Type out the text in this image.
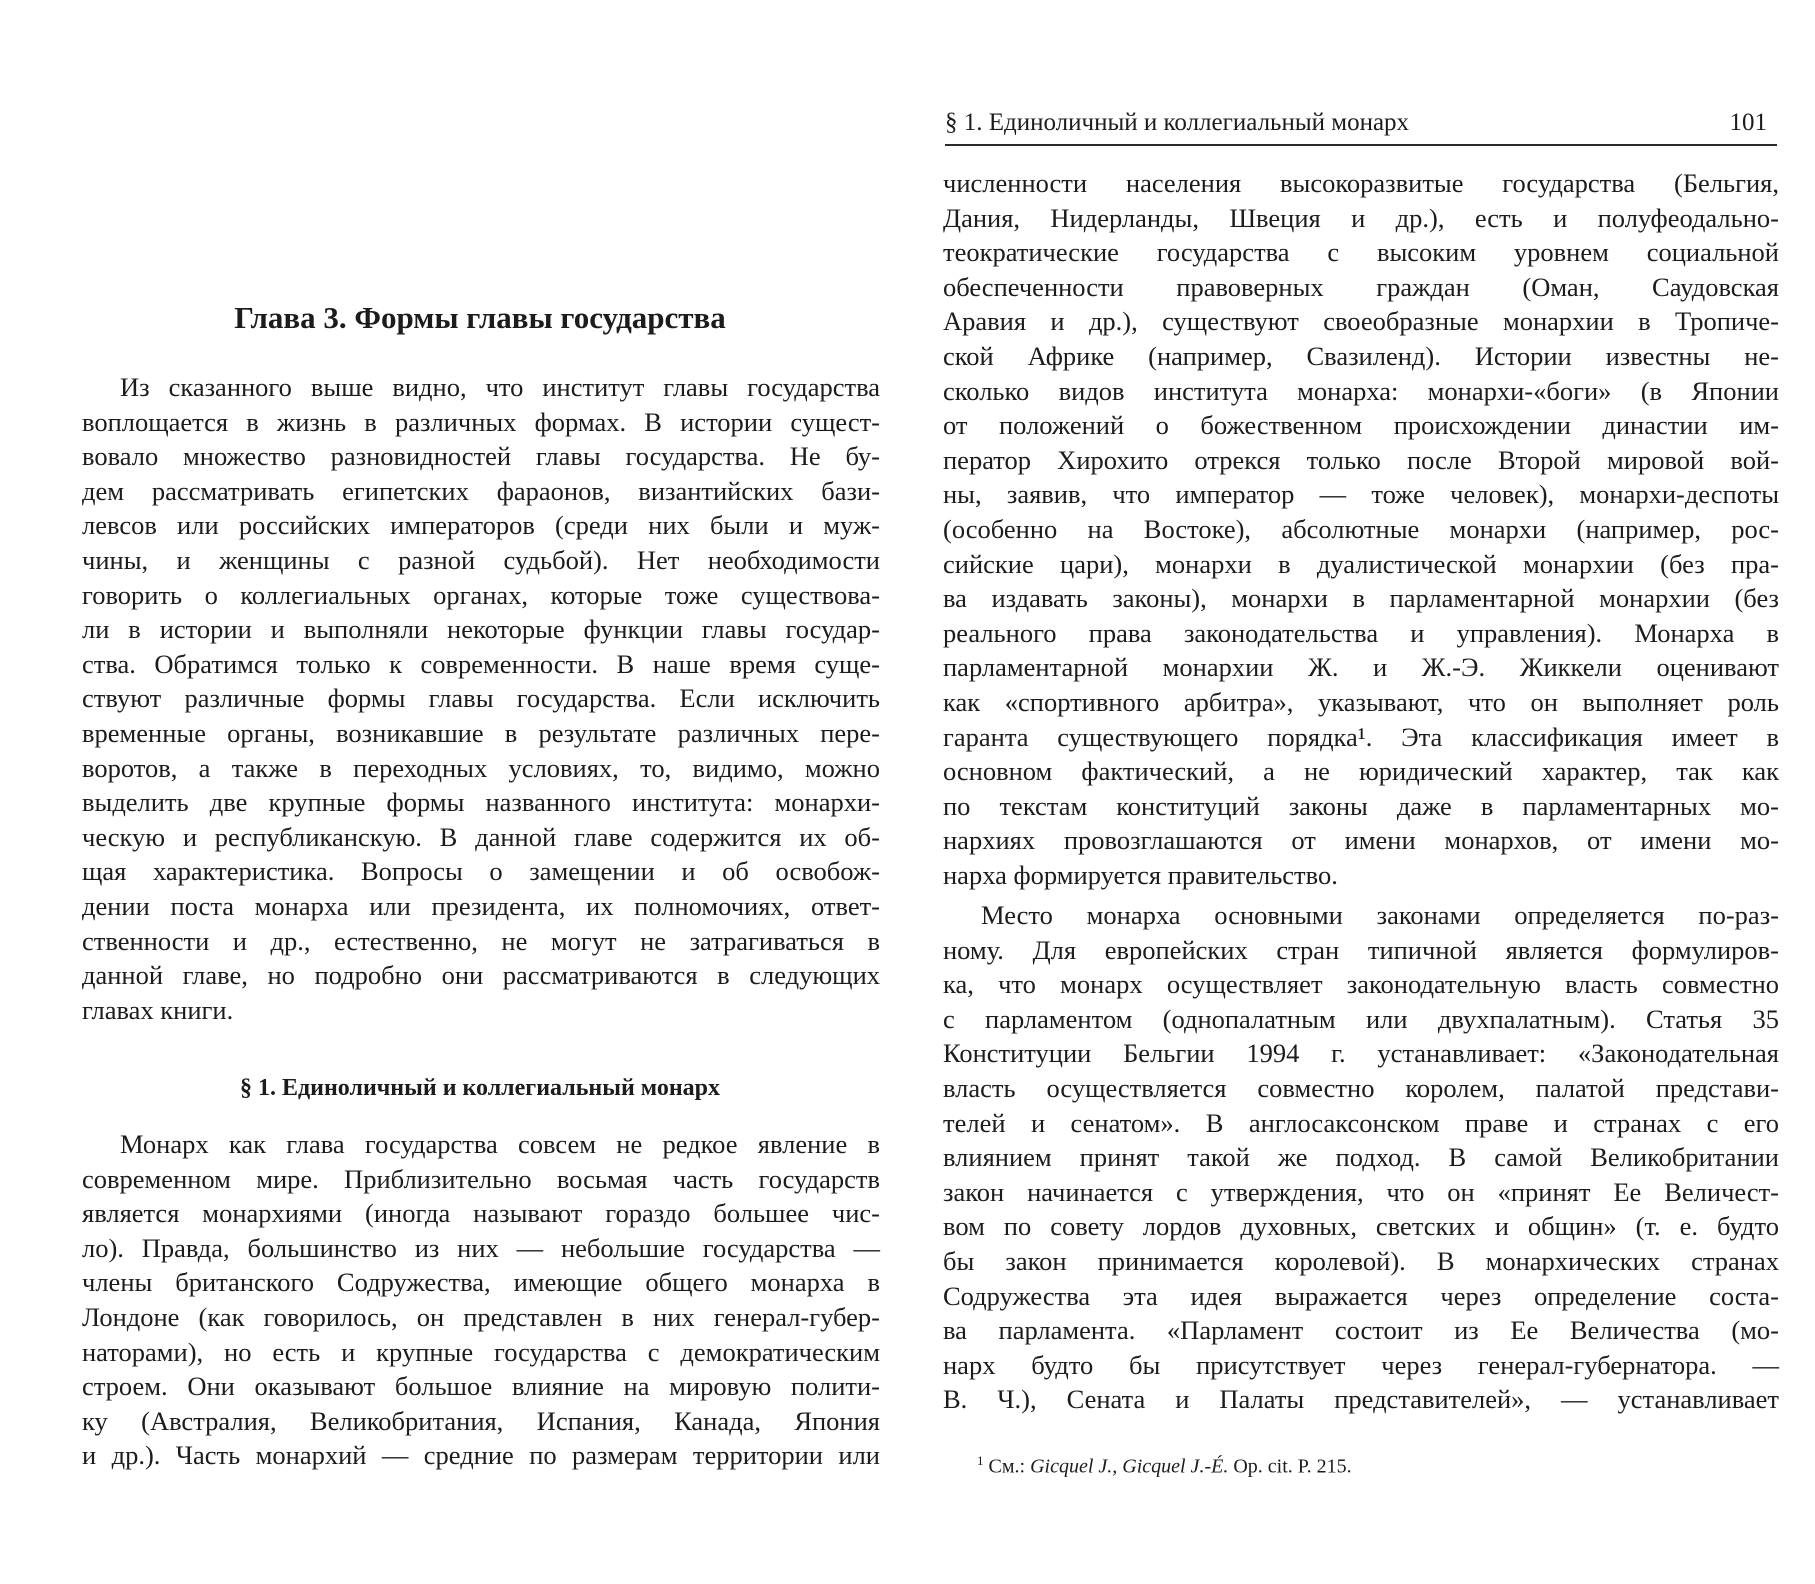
Глава 3. Формы главы государства
Из сказанного выше видно, что институт главы государства
воплощается в жизнь в различных формах. В истории сущест-
вовало множество разновидностей главы государства. Не бу-
дем рассматривать египетских фараонов, византийских бази-
левсов или российских императоров (среди них были и муж-
чины, и женщины с разной судьбой). Нет необходимости
говорить о коллегиальных органах, которые тоже существова-
ли в истории и выполняли некоторые функции главы государ-
ства. Обратимся только к современности. В наше время суще-
ствуют различные формы главы государства. Если исключить
временные органы, возникавшие в результате различных пере-
воротов, а также в переходных условиях, то, видимо, можно
выделить две крупные формы названного института: монархи-
ческую и республиканскую. В данной главе содержится их об-
щая характеристика. Вопросы о замещении и об освобож-
дении поста монарха или президента, их полномочиях, ответ-
ственности и др., естественно, не могут не затрагиваться в
данной главе, но подробно они рассматриваются в следующих
главах книги.
§ 1. Единоличный и коллегиальный монарх
Монарх как глава государства совсем не редкое явление в
современном мире. Приблизительно восьмая часть государств
является монархиями (иногда называют гораздо большее чис-
ло). Правда, большинство из них — небольшие государства —
члены британского Содружества, имеющие общего монарха в
Лондоне (как говорилось, он представлен в них генерал-губер-
наторами), но есть и крупные государства с демократическим
строем. Они оказывают большое влияние на мировую полити-
ку (Австралия, Великобритания, Испания, Канада, Япония
и др.). Часть монархий — средние по размерам территории или
§ 1. Единоличный и коллегиальный монарх	101
численности населения высокоразвитые государства (Бельгия,
Дания, Нидерланды, Швеция и др.), есть и полуфеодально-
теократические государства с высоким уровнем социальной
обеспеченности правоверных граждан (Оман, Саудовская
Аравия и др.), существуют своеобразные монархии в Тропиче-
ской Африке (например, Свазиленд). Истории известны не-
сколько видов института монарха: монархи-«боги» (в Японии
от положений о божественном происхождении династии им-
ператор Хирохито отрекся только после Второй мировой вой-
ны, заявив, что император — тоже человек), монархи-деспоты
(особенно на Востоке), абсолютные монархи (например, рос-
сийские цари), монархи в дуалистической монархии (без пра-
ва издавать законы), монархи в парламентарной монархии (без
реального права законодательства и управления). Монарха в
парламентарной монархии Ж. и Ж.-Э. Жиккели оценивают
как «спортивного арбитра», указывают, что он выполняет роль
гаранта существующего порядка¹. Эта классификация имеет в
основном фактический, а не юридический характер, так как
по текстам конституций законы даже в парламентарных мо-
нархиях провозглашаются от имени монархов, от имени мо-
нарха формируется правительство.
Место монарха основными законами определяется по-раз-
ному. Для европейских стран типичной является формулиров-
ка, что монарх осуществляет законодательную власть совместно
с парламентом (однопалатным или двухпалатным). Статья 35
Конституции Бельгии 1994 г. устанавливает: «Законодательная
власть осуществляется совместно королем, палатой представи-
телей и сенатом». В англосаксонском праве и странах с его
влиянием принят такой же подход. В самой Великобритании
закон начинается с утверждения, что он «принят Ее Величест-
вом по совету лордов духовных, светских и общин» (т. е. будто
бы закон принимается королевой). В монархических странах
Содружества эта идея выражается через определение соста-
ва парламента. «Парламент состоит из Ее Величества (мо-
нарх будто бы присутствует через генерал-губернатора. —
В. Ч.), Сената и Палаты представителей», — устанавливает
$^1$ См.: Gicquel J., Gicquel J.-É. Op. cit. P. 215.
